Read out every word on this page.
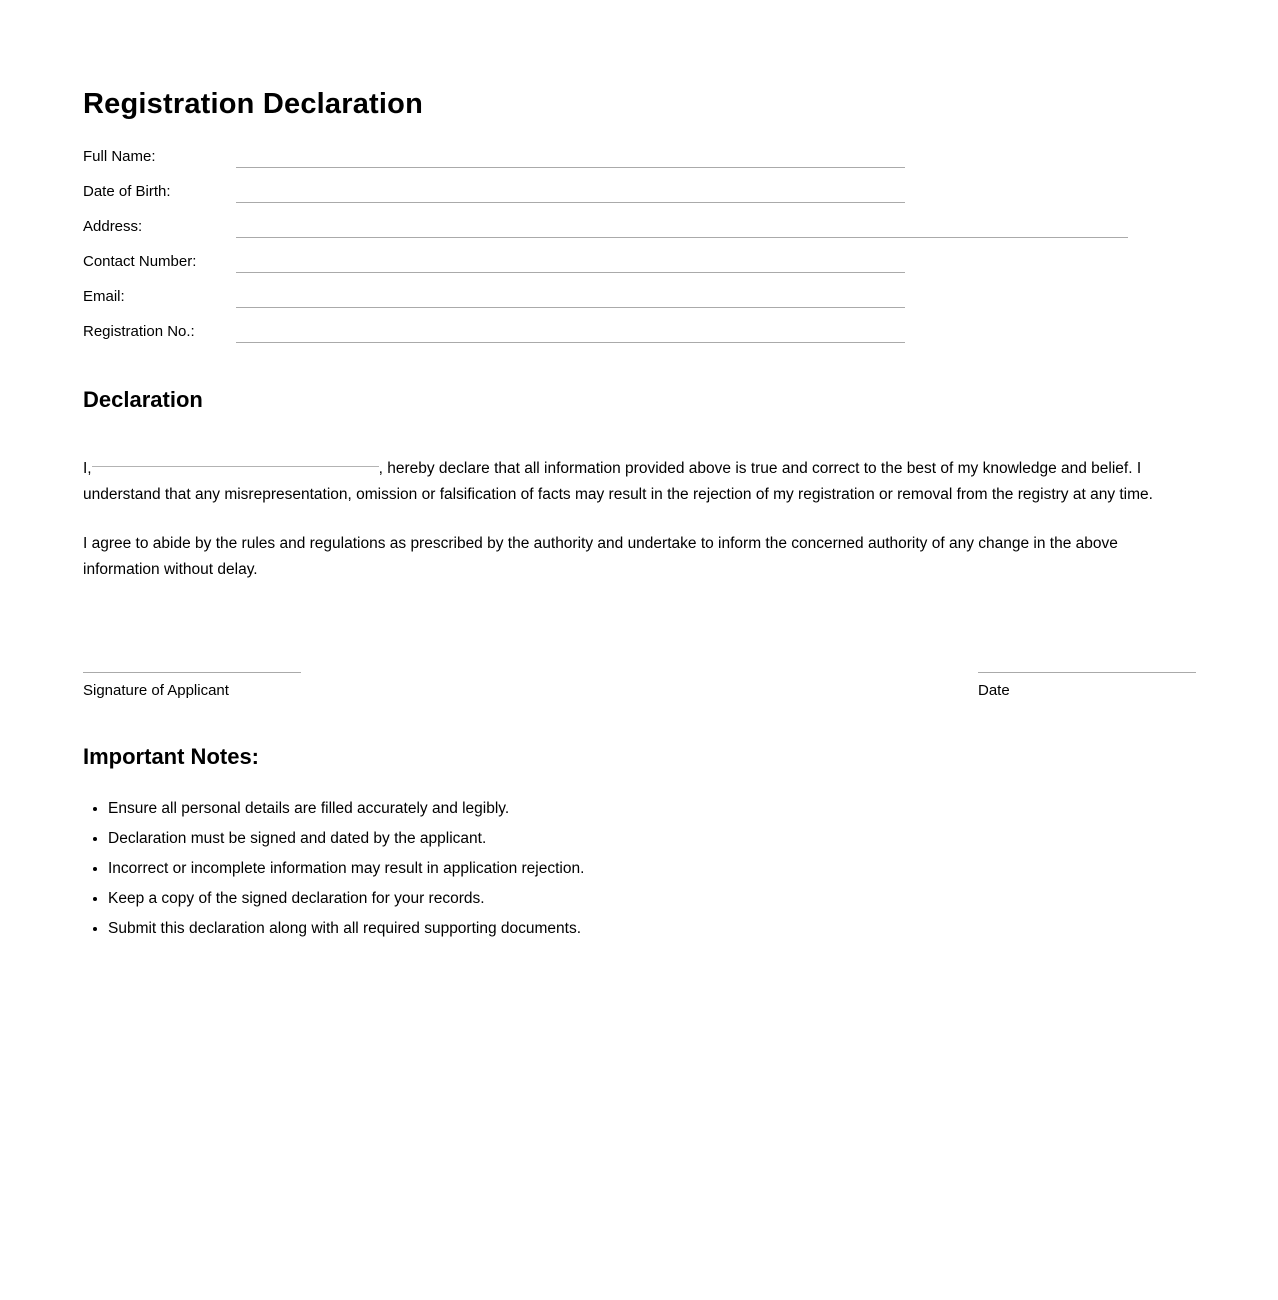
Registration Declaration
Full Name:
Date of Birth:
Address:
Contact Number:
Email:
Registration No.:
Declaration

I,	, hereby declare that all information provided above is true and correct to the best of my knowledge and belief. I understand that any misrepresentation, omission or falsification of facts may result in the rejection of my registration or removal from the registry at any time.

I agree to abide by the rules and regulations as prescribed by the authority and undertake to inform the concerned authority of any change in the above information without delay.

Signature of Applicant	Date
Important Notes:
• Ensure all personal details are filled accurately and legibly.
• Declaration must be signed and dated by the applicant.
• Incorrect or incomplete information may result in application rejection.
• Keep a copy of the signed declaration for your records.
• Submit this declaration along with all required supporting documents.
